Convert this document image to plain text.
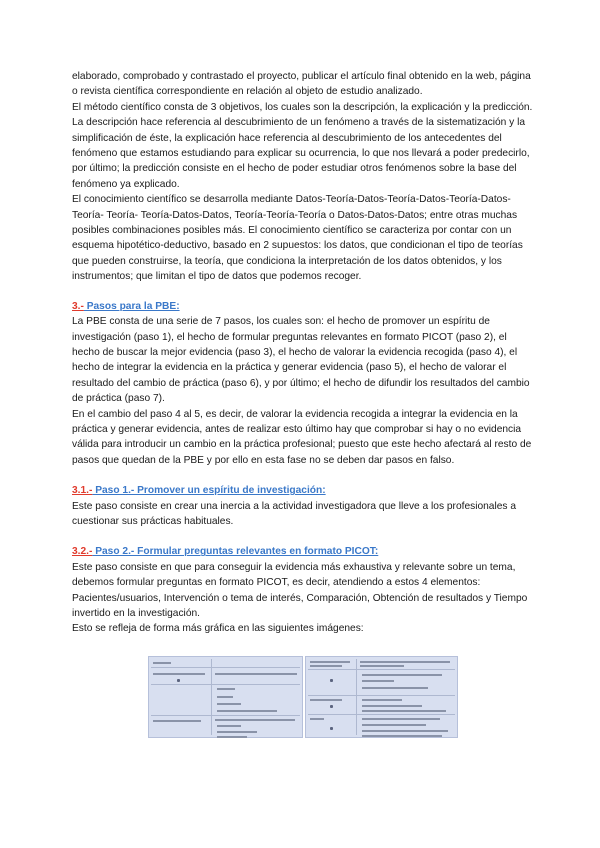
elaborado, comprobado y contrastado el proyecto, publicar el artículo final obtenido en la web, página o revista científica correspondiente en relación al objeto de estudio analizado.

El método científico consta de 3 objetivos, los cuales son la descripción, la explicación y la predicción. La descripción hace referencia al descubrimiento de un fenómeno a través de la sistematización y la simplificación de éste, la explicación hace referencia al descubrimiento de los antecedentes del fenómeno que estamos estudiando para explicar su ocurrencia, lo que nos llevará a poder predecirlo, por último; la predicción consiste en el hecho de poder estudiar otros fenómenos sobre la base del fenómeno ya explicado.

El conocimiento científico se desarrolla mediante Datos-Teoría-Datos-Teoría-Datos-Teoría-Datos-Teoría- Teoría- Teoría-Datos-Datos, Teoría-Teoría-Teoría o Datos-Datos-Datos; entre otras muchas posibles combinaciones posibles más. El conocimiento científico se caracteriza por contar con un esquema hipotético-deductivo, basado en 2 supuestos: los datos, que condicionan el tipo de teorías que pueden construirse, la teoría, que condiciona la interpretación de los datos obtenidos, y los instrumentos; que limitan el tipo de datos que podemos recoger.

3.- Pasos para la PBE:

La PBE consta de una serie de 7 pasos, los cuales son: el hecho de promover un espíritu de investigación (paso 1), el hecho de formular preguntas relevantes en formato PICOT (paso 2), el hecho de buscar la mejor evidencia (paso 3), el hecho de valorar la evidencia recogida (paso 4), el hecho de integrar la evidencia en la práctica y generar evidencia (paso 5), el hecho de valorar el resultado del cambio de práctica (paso 6), y por último; el hecho de difundir los resultados del cambio de práctica (paso 7).

En el cambio del paso 4 al 5, es decir, de valorar la evidencia recogida a integrar la evidencia en la práctica y generar evidencia, antes de realizar esto último hay que comprobar si hay o no evidencia válida para introducir un cambio en la práctica profesional; puesto que este hecho afectará al resto de pasos que quedan de la PBE y por ello en esta fase no se deben dar pasos en falso.

3.1.- Paso 1.- Promover un espíritu de investigación:

Este paso consiste en crear una inercia a la actividad investigadora que lleve a los profesionales a cuestionar sus prácticas habituales.

3.2.- Paso 2.- Formular preguntas relevantes en formato PICOT:

Este paso consiste en que para conseguir la evidencia más exhaustiva y relevante sobre un tema, debemos formular preguntas en formato PICOT, es decir, atendiendo a estos 4 elementos: Pacientes/usuarios, Intervención o tema de interés, Comparación, Obtención de resultados y Tiempo invertido en la investigación.

Esto se refleja de forma más gráfica en las siguientes imágenes:
